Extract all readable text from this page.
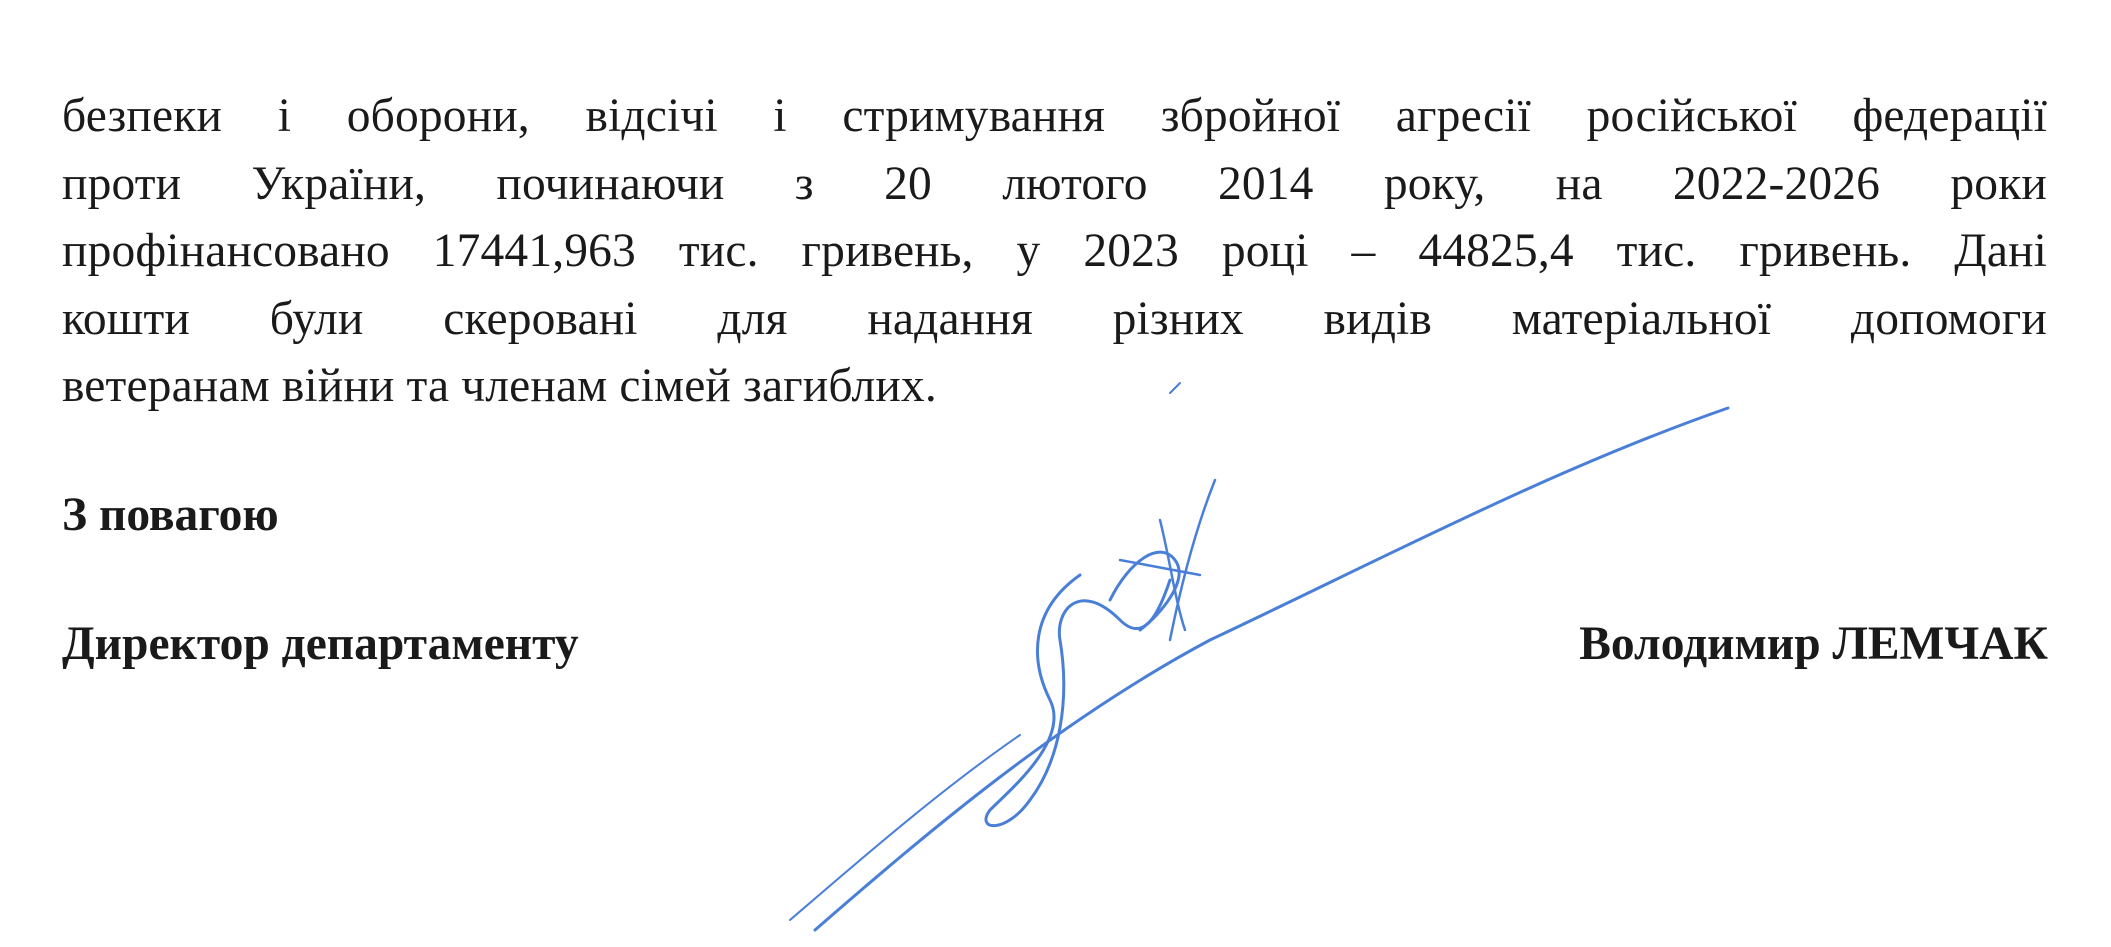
безпеки і оборони, відсічі і стримування збройної агресії російської федерації
проти України, починаючи з 20 лютого 2014 року, на 2022-2026 роки
профінансовано 17441,963 тис. гривень, у 2023 році – 44825,4 тис. гривень. Дані
кошти були скеровані для надання різних видів матеріальної допомоги
ветеранам війни та членам сімей загиблих.
З повагою
Директор департаменту	Володимир ЛЕМЧАК
